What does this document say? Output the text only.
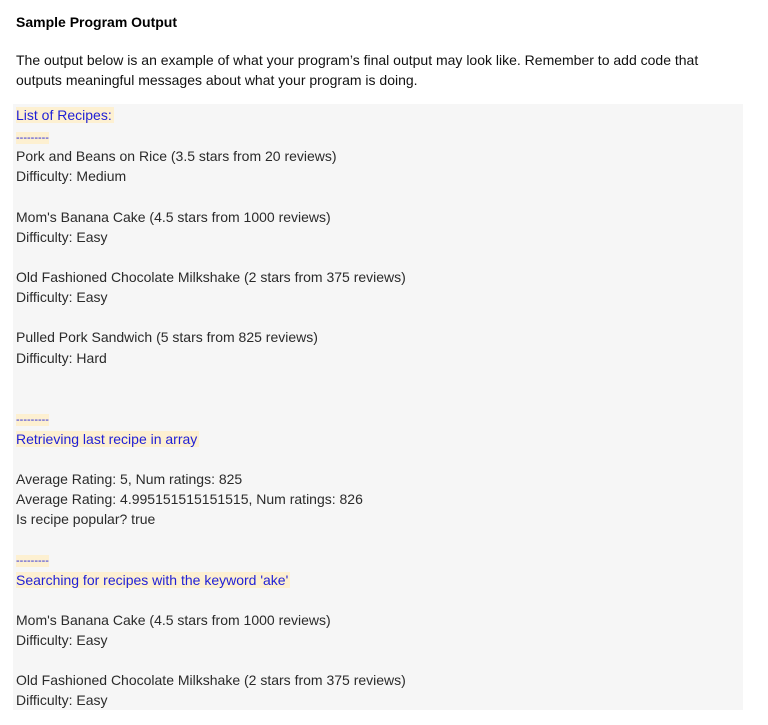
Sample Program Output
The output below is an example of what your program’s final output may look like. Remember to add code that outputs meaningful messages about what your program is doing.
List of Recipes:
---------
Pork and Beans on Rice (3.5 stars from 20 reviews)
Difficulty: Medium
Mom's Banana Cake (4.5 stars from 1000 reviews)
Difficulty: Easy
Old Fashioned Chocolate Milkshake (2 stars from 375 reviews)
Difficulty: Easy
Pulled Pork Sandwich (5 stars from 825 reviews)
Difficulty: Hard
---------
Retrieving last recipe in array
Average Rating: 5, Num ratings: 825
Average Rating: 4.995151515151515, Num ratings: 826
Is recipe popular? true
---------
Searching for recipes with the keyword 'ake'
Mom's Banana Cake (4.5 stars from 1000 reviews)
Difficulty: Easy
Old Fashioned Chocolate Milkshake (2 stars from 375 reviews)
Difficulty: Easy
